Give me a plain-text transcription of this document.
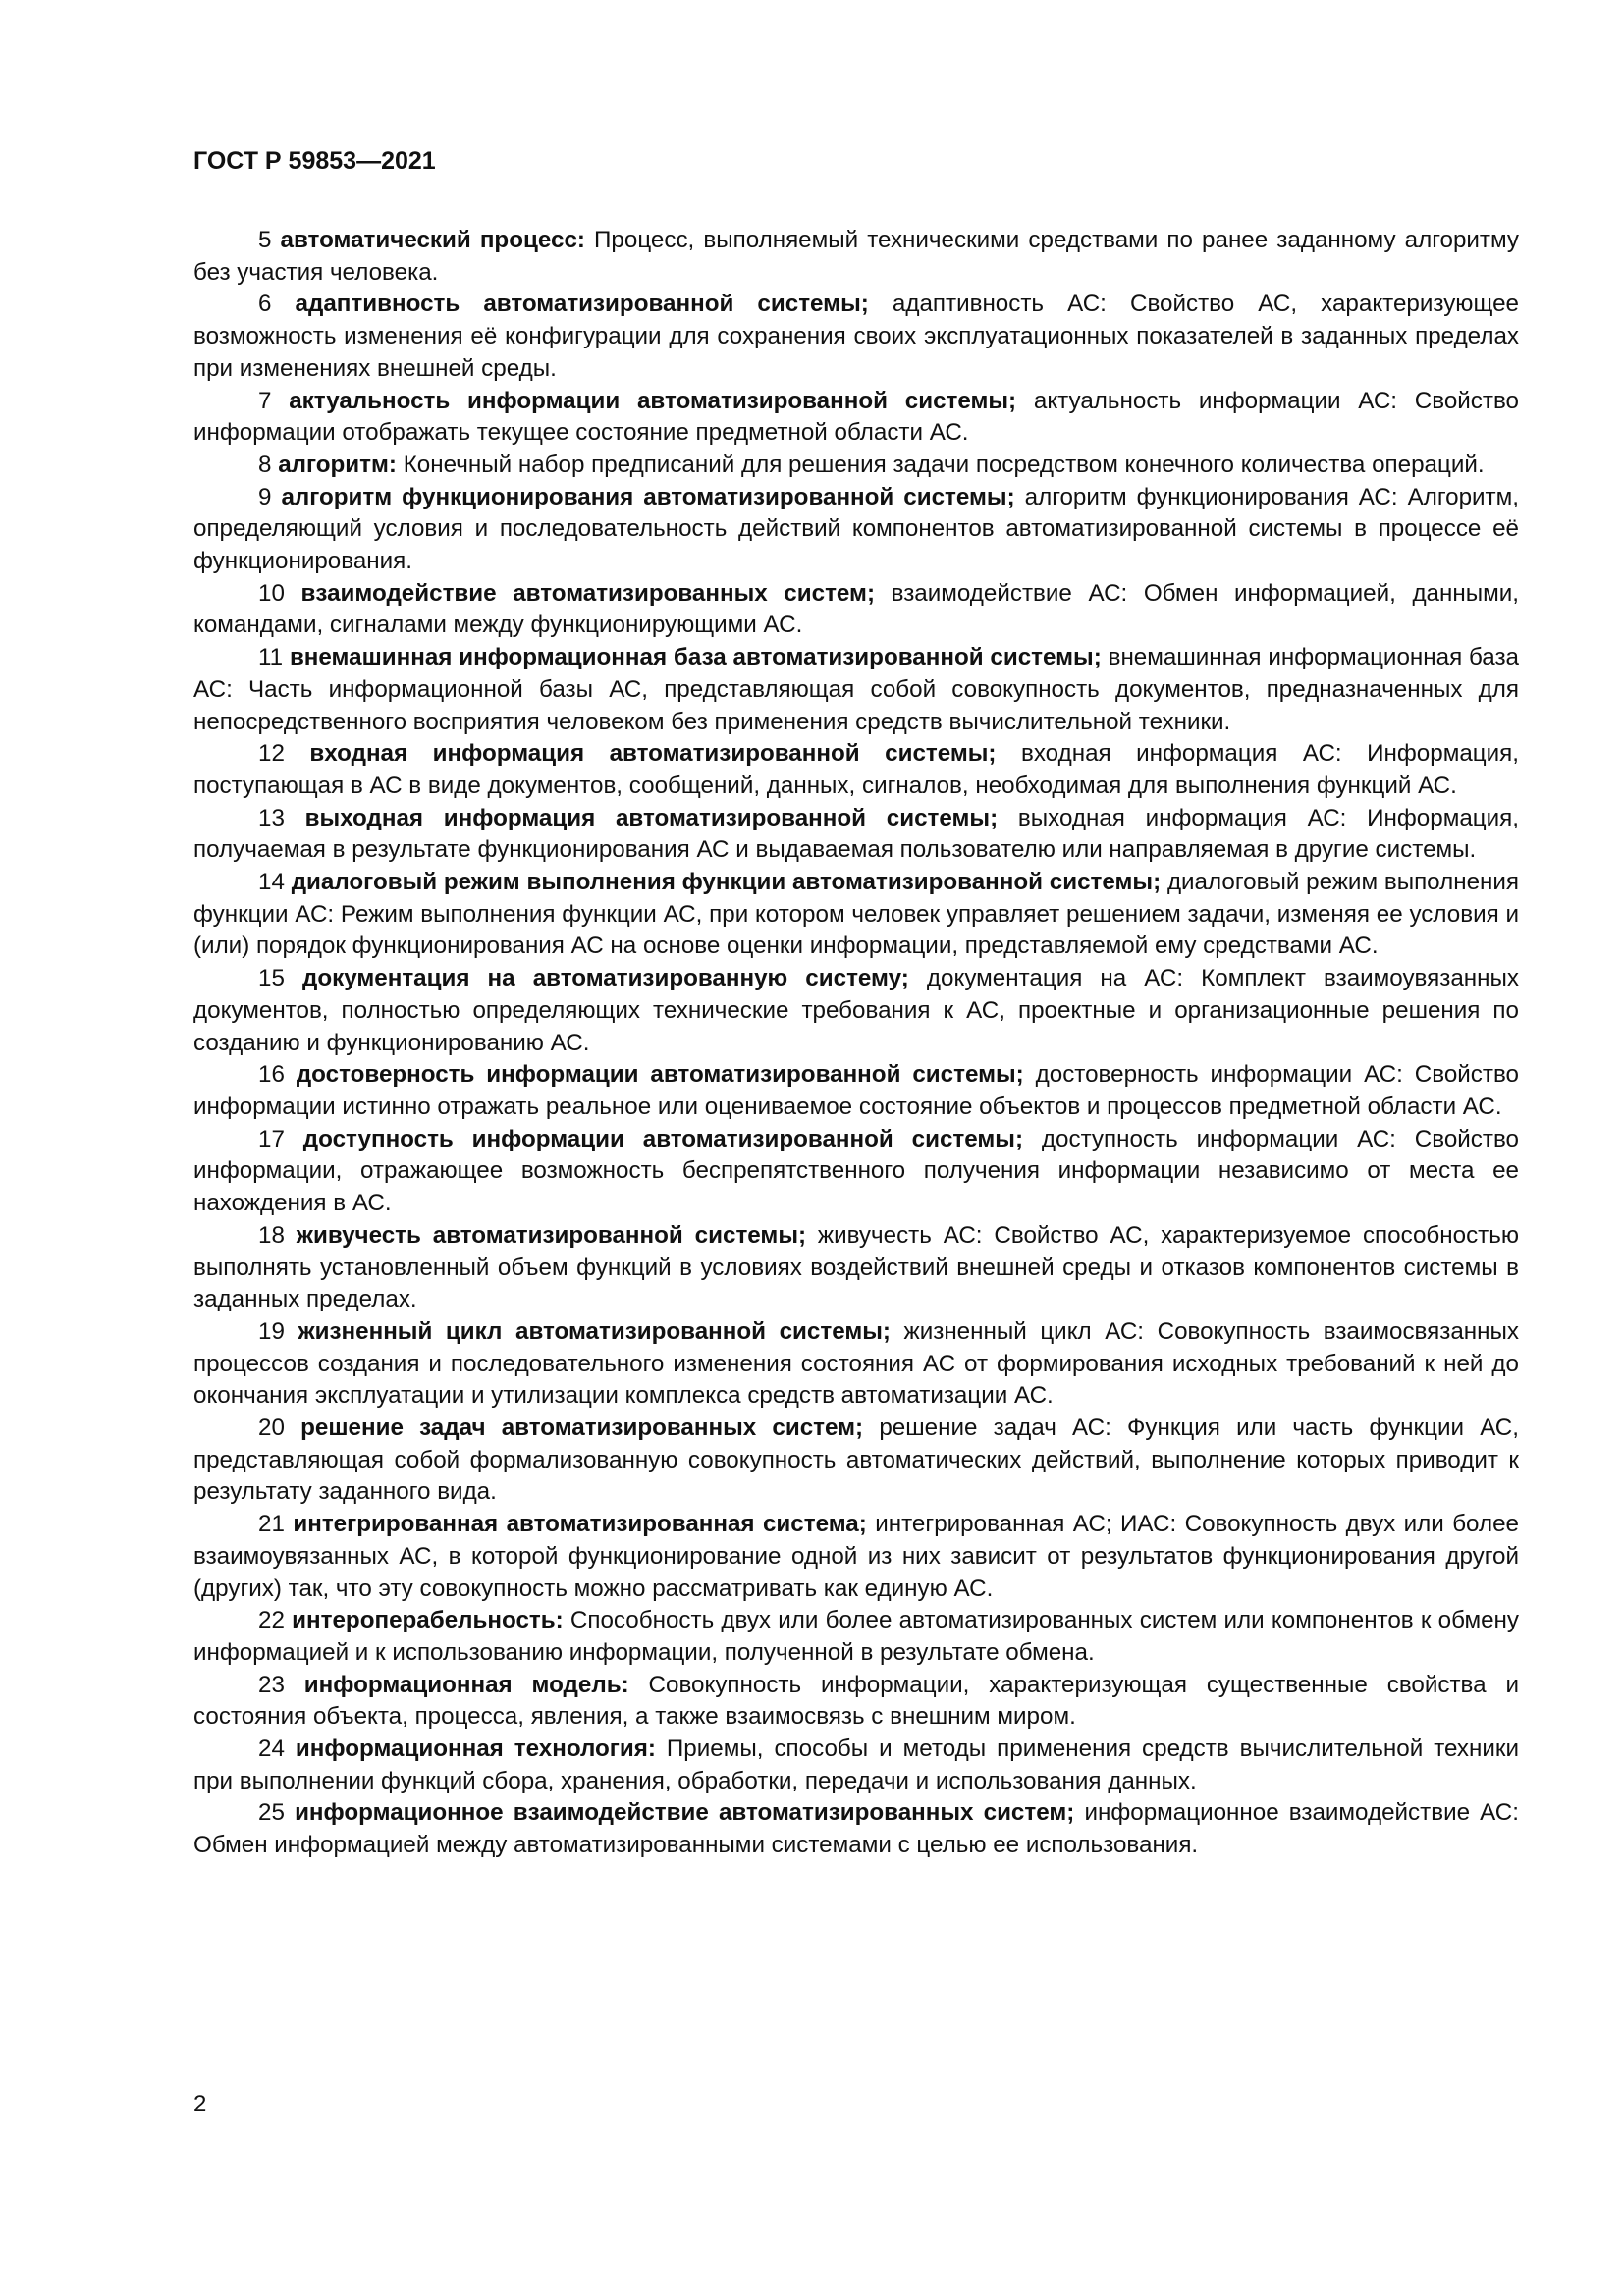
ГОСТ Р 59853—2021

5 автоматический процесс: Процесс, выполняемый техническими средствами по ранее заданному алгоритму без участия человека.

6 адаптивность автоматизированной системы; адаптивность АС: Свойство АС, характеризующее возможность изменения её конфигурации для сохранения своих эксплуатационных показателей в заданных пределах при изменениях внешней среды.

7 актуальность информации автоматизированной системы; актуальность информации АС: Свойство информации отображать текущее состояние предметной области АС.

8 алгоритм: Конечный набор предписаний для решения задачи посредством конечного количества операций.

9 алгоритм функционирования автоматизированной системы; алгоритм функционирования АС: Алгоритм, определяющий условия и последовательность действий компонентов автоматизированной системы в процессе её функционирования.

10 взаимодействие автоматизированных систем; взаимодействие АС: Обмен информацией, данными, командами, сигналами между функционирующими АС.

11 внемашинная информационная база автоматизированной системы; внемашинная информационная база АС: Часть информационной базы АС, представляющая собой совокупность документов, предназначенных для непосредственного восприятия человеком без применения средств вычислительной техники.

12 входная информация автоматизированной системы; входная информация АС: Информация, поступающая в АС в виде документов, сообщений, данных, сигналов, необходимая для выполнения функций АС.

13 выходная информация автоматизированной системы; выходная информация АС: Информация, получаемая в результате функционирования АС и выдаваемая пользователю или направляемая в другие системы.

14 диалоговый режим выполнения функции автоматизированной системы; диалоговый режим выполнения функции АС: Режим выполнения функции АС, при котором человек управляет решением задачи, изменяя ее условия и (или) порядок функционирования АС на основе оценки информации, представляемой ему средствами АС.

15 документация на автоматизированную систему; документация на АС: Комплект взаимоувязанных документов, полностью определяющих технические требования к АС, проектные и организационные решения по созданию и функционированию АС.

16 достоверность информации автоматизированной системы; достоверность информации АС: Свойство информации истинно отражать реальное или оцениваемое состояние объектов и процессов предметной области АС.

17 доступность информации автоматизированной системы; доступность информации АС: Свойство информации, отражающее возможность беспрепятственного получения информации независимо от места ее нахождения в АС.

18 живучесть автоматизированной системы; живучесть АС: Свойство АС, характеризуемое способностью выполнять установленный объем функций в условиях воздействий внешней среды и отказов компонентов системы в заданных пределах.

19 жизненный цикл автоматизированной системы; жизненный цикл АС: Совокупность взаимосвязанных процессов создания и последовательного изменения состояния АС от формирования исходных требований к ней до окончания эксплуатации и утилизации комплекса средств автоматизации АС.

20 решение задач автоматизированных систем; решение задач АС: Функция или часть функции АС, представляющая собой формализованную совокупность автоматических действий, выполнение которых приводит к результату заданного вида.

21 интегрированная автоматизированная система; интегрированная АС; ИАС: Совокупность двух или более взаимоувязанных АС, в которой функционирование одной из них зависит от результатов функционирования другой (других) так, что эту совокупность можно рассматривать как единую АС.

22 интероперабельность: Способность двух или более автоматизированных систем или компонентов к обмену информацией и к использованию информации, полученной в результате обмена.

23 информационная модель: Совокупность информации, характеризующая существенные свойства и состояния объекта, процесса, явления, а также взаимосвязь с внешним миром.

24 информационная технология: Приемы, способы и методы применения средств вычислительной техники при выполнении функций сбора, хранения, обработки, передачи и использования данных.

25 информационное взаимодействие автоматизированных систем; информационное взаимодействие АС: Обмен информацией между автоматизированными системами с целью ее использования.

2
